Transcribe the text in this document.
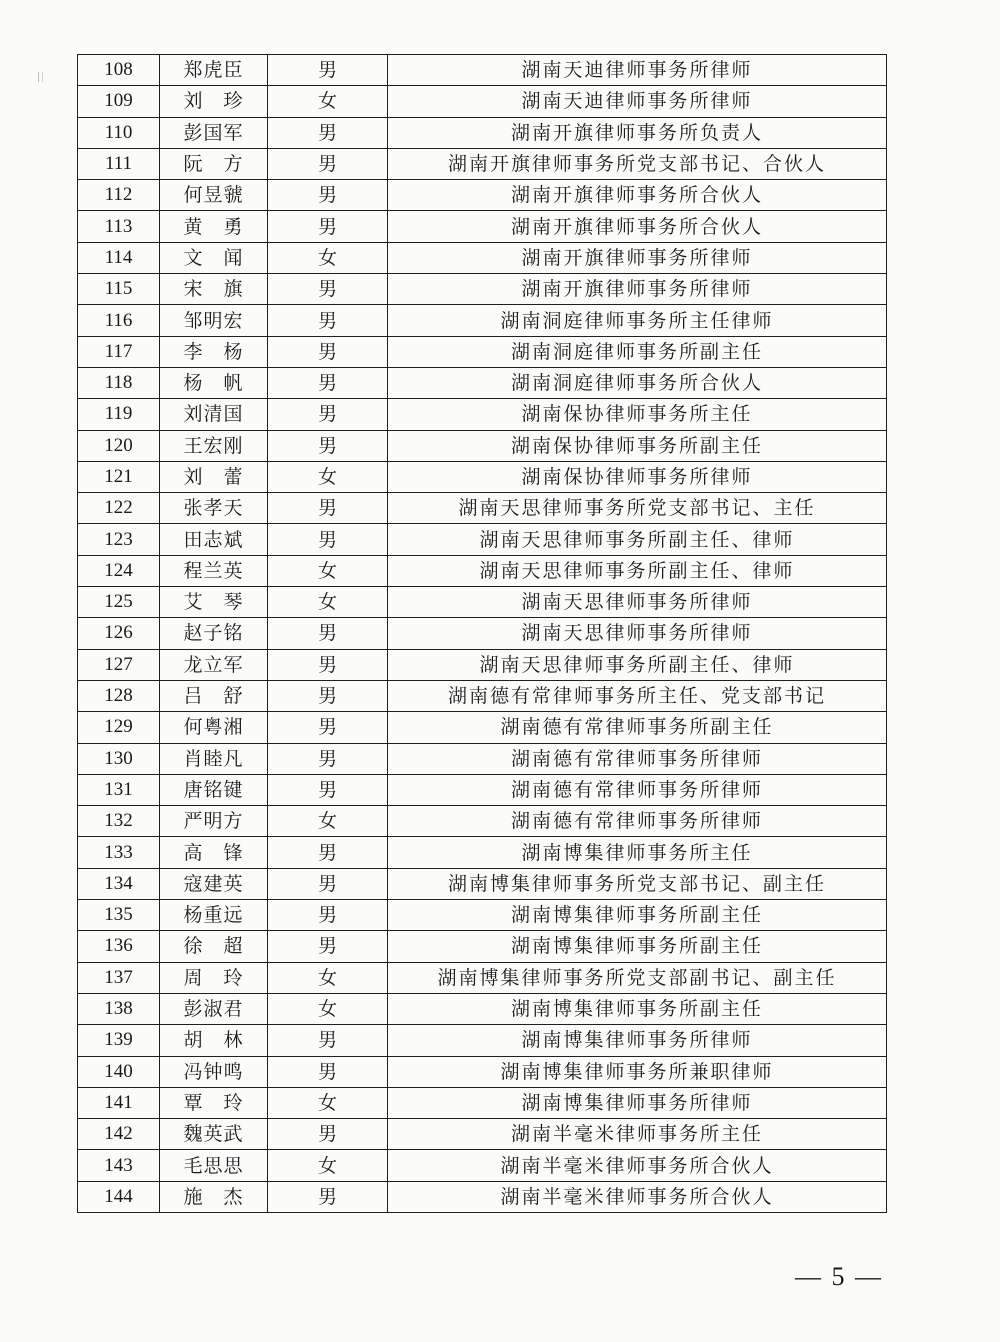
108	郑虎臣	男	湖南天迪律师事务所律师
109	刘　珍	女	湖南天迪律师事务所律师
110	彭国军	男	湖南开旗律师事务所负责人
111	阮　方	男	湖南开旗律师事务所党支部书记、合伙人
112	何昱虢	男	湖南开旗律师事务所合伙人
113	黄　勇	男	湖南开旗律师事务所合伙人
114	文　闻	女	湖南开旗律师事务所律师
115	宋　旗	男	湖南开旗律师事务所律师
116	邹明宏	男	湖南洞庭律师事务所主任律师
117	李　杨	男	湖南洞庭律师事务所副主任
118	杨　帆	男	湖南洞庭律师事务所合伙人
119	刘清国	男	湖南保协律师事务所主任
120	王宏刚	男	湖南保协律师事务所副主任
121	刘　蕾	女	湖南保协律师事务所律师
122	张孝天	男	湖南天思律师事务所党支部书记、主任
123	田志斌	男	湖南天思律师事务所副主任、律师
124	程兰英	女	湖南天思律师事务所副主任、律师
125	艾　琴	女	湖南天思律师事务所律师
126	赵子铭	男	湖南天思律师事务所律师
127	龙立军	男	湖南天思律师事务所副主任、律师
128	吕　舒	男	湖南德有常律师事务所主任、党支部书记
129	何粤湘	男	湖南德有常律师事务所副主任
130	肖睦凡	男	湖南德有常律师事务所律师
131	唐铭键	男	湖南德有常律师事务所律师
132	严明方	女	湖南德有常律师事务所律师
133	高　锋	男	湖南博集律师事务所主任
134	寇建英	男	湖南博集律师事务所党支部书记、副主任
135	杨重远	男	湖南博集律师事务所副主任
136	徐　超	男	湖南博集律师事务所副主任
137	周　玲	女	湖南博集律师事务所党支部副书记、副主任
138	彭淑君	女	湖南博集律师事务所副主任
139	胡　林	男	湖南博集律师事务所律师
140	冯钟鸣	男	湖南博集律师事务所兼职律师
141	覃　玲	女	湖南博集律师事务所律师
142	魏英武	男	湖南半毫米律师事务所主任
143	毛思思	女	湖南半毫米律师事务所合伙人
144	施　杰	男	湖南半毫米律师事务所合伙人
— 5 —
